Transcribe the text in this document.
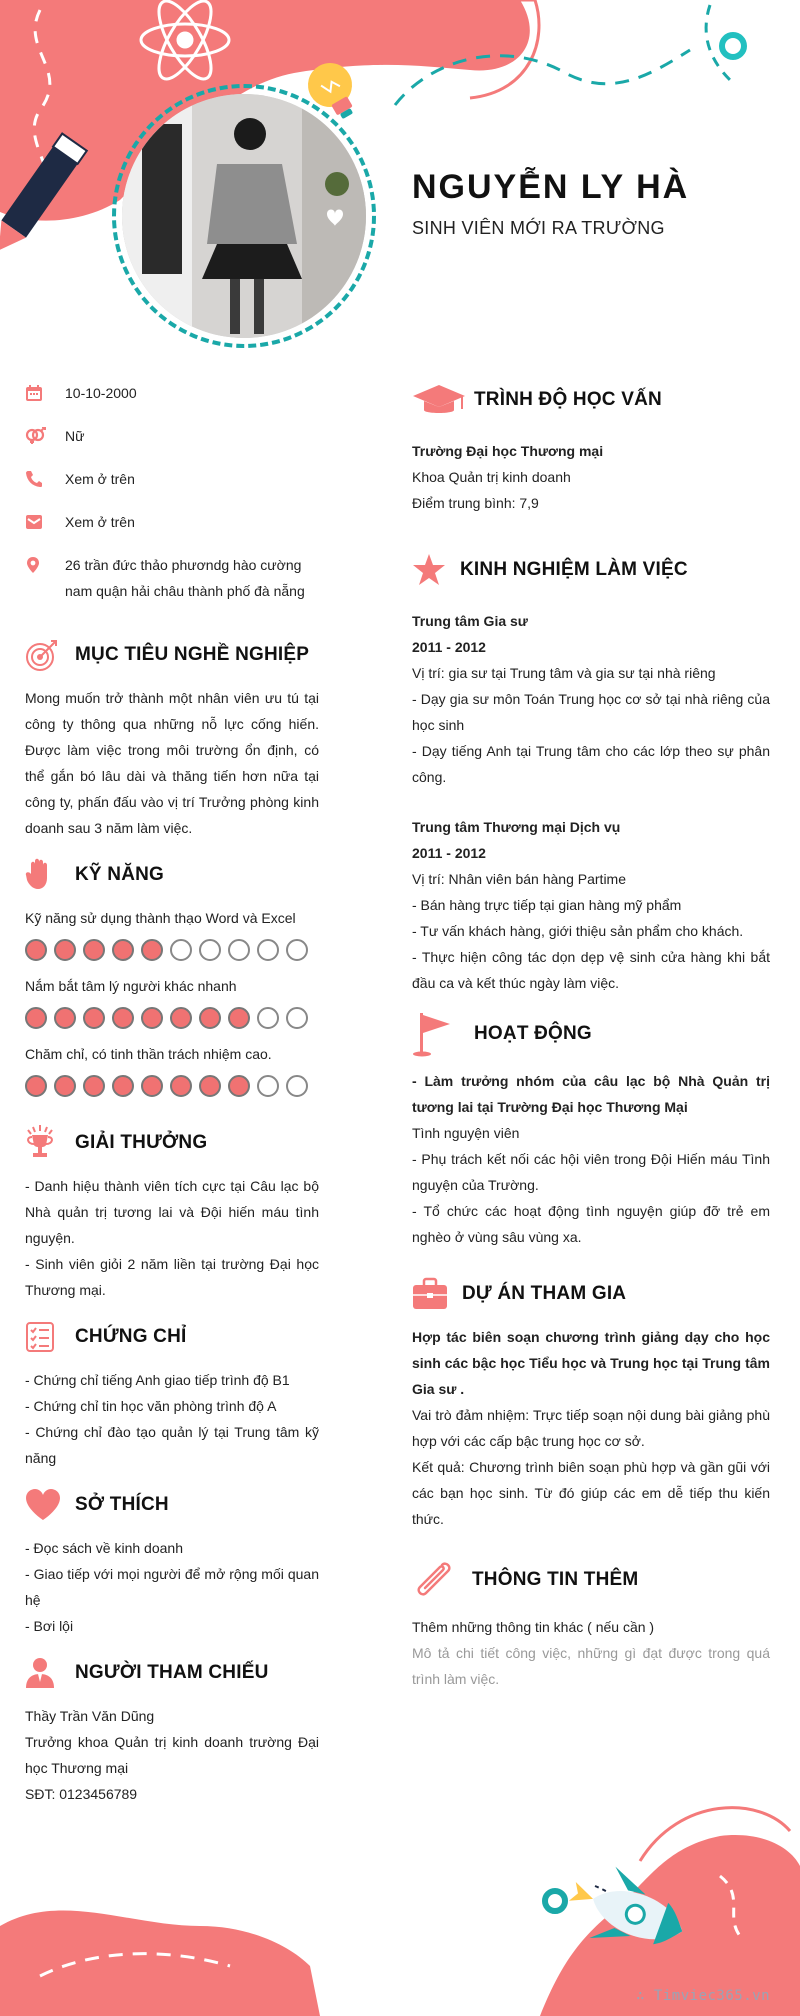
NGUYỄN LY HÀ
SINH VIÊN MỚI RA TRƯỜNG
10-10-2000
Nữ
Xem ở trên
Xem ở trên
26 trần đức thảo phươndg hào cường nam quận hải châu thành phố đà nẵng
MỤC TIÊU NGHỀ NGHIỆP
Mong muốn trở thành một nhân viên ưu tú tại công ty thông qua những nỗ lực cống hiến. Được làm việc trong môi trường ổn định, có thể gắn bó lâu dài và thăng tiến hơn nữa tại công ty, phấn đấu vào vị trí Trưởng phòng kinh doanh sau 3 năm làm việc.
KỸ NĂNG
Kỹ năng sử dụng thành thạo Word và Excel
Nắm bắt tâm lý người khác nhanh
Chăm chỉ, có tinh thần trách nhiệm cao.
GIẢI THƯỞNG

- Danh hiệu thành viên tích cực tại Câu lạc bộ Nhà quản trị tương lai và Đội hiến máu tình nguyện.

- Sinh viên giỏi 2 năm liền tại trường Đại học Thương mại.

CHỨNG CHỈ

- Chứng chỉ tiếng Anh giao tiếp trình độ B1

- Chứng chỉ tin học văn phòng trình độ A

- Chứng chỉ đào tạo quản lý tại Trung tâm kỹ năng

SỞ THÍCH

- Đọc sách về kinh doanh

- Giao tiếp với mọi người để mở rộng mối quan hệ

- Bơi lội

NGƯỜI THAM CHIẾU

Thầy Trần Văn Dũng

Trưởng khoa Quản trị kinh doanh trường Đại học Thương mại

SĐT: 0123456789

TRÌNH ĐỘ HỌC VẤN

Trường Đại học Thương mại

Khoa Quản trị kinh doanh

Điểm trung bình: 7,9

KINH NGHIỆM LÀM VIỆC

Trung tâm Gia sư

2011 - 2012

Vị trí: gia sư tại Trung tâm và gia sư tại nhà riêng

- Dạy gia sư môn Toán Trung học cơ sở tại nhà riêng của học sinh

- Dạy tiếng Anh tại Trung tâm cho các lớp theo sự phân công.

Trung tâm Thương mại Dịch vụ

2011 - 2012

Vị trí: Nhân viên bán hàng Partime

- Bán hàng trực tiếp tại gian hàng mỹ phẩm

- Tư vấn khách hàng, giới thiệu sản phẩm cho khách.

- Thực hiện công tác dọn dẹp vệ sinh cửa hàng khi bắt đầu ca và kết thúc ngày làm việc.

HOẠT ĐỘNG

- Làm trưởng nhóm của câu lạc bộ Nhà Quản trị tương lai tại Trường Đại học Thương Mại

Tình nguyện viên

- Phụ trách kết nối các hội viên trong Đội Hiến máu Tình nguyện của Trường.

- Tổ chức các hoạt động tình nguyện giúp đỡ trẻ em nghèo ở vùng sâu vùng xa.

DỰ ÁN THAM GIA

Hợp tác biên soạn chương trình giảng dạy cho học sinh các bậc học Tiểu học và Trung học tại Trung tâm Gia sư .

Vai trò đảm nhiệm: Trực tiếp soạn nội dung bài giảng phù hợp với các cấp bậc trung học cơ sở.

Kết quả: Chương trình biên soạn phù hợp và gần gũi với các bạn học sinh. Từ đó giúp các em dễ tiếp thu kiến thức.

THÔNG TIN THÊM

Thêm những thông tin khác ( nếu cần )

Mô tả chi tiết công việc, những gì đạt được trong quá trình làm việc.

∴ Timviec365.vn
